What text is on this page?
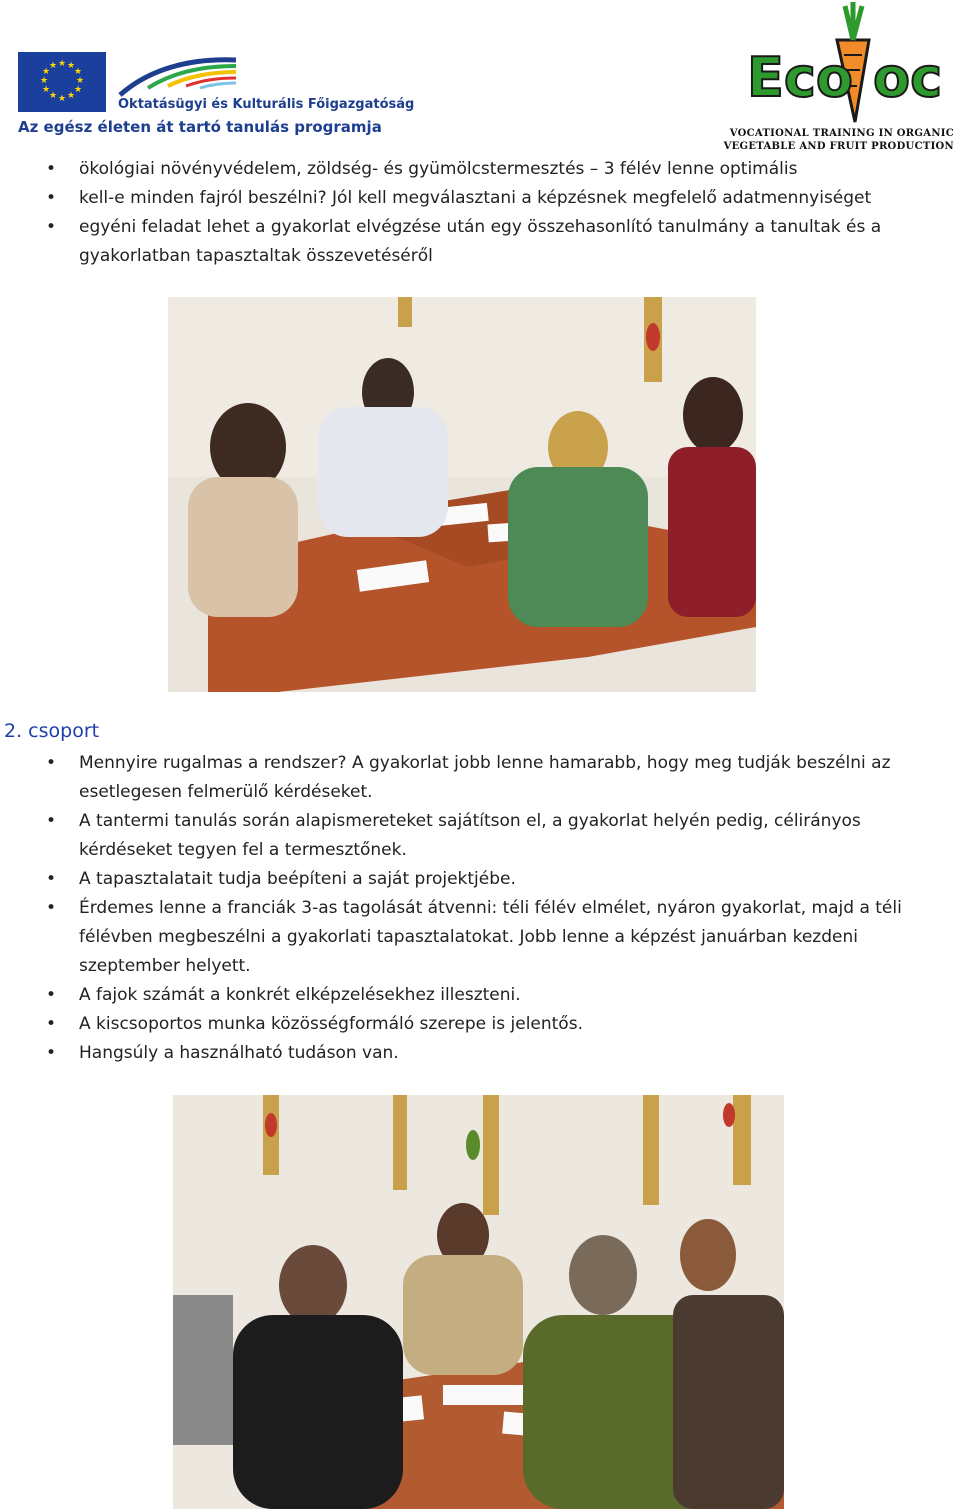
★ ★
★
★
★
★
★
★
★
★
★
★
Oktatásügyi és Kulturális Főigazgatóság
Az egész életen át tartó tanulás programja
Eco oc
VOCATIONAL TRAINING IN ORGANIC
VEGETABLE AND FRUIT PRODUCTION
• ökológiai növényvédelem, zöldség- és gyümölcstermesztés – 3 félév lenne optimális
• kell-e minden fajról beszélni? Jól kell megválasztani a képzésnek megfelelő adatmennyiséget
• egyéni feladat lehet a gyakorlat elvégzése után egy összehasonlító tanulmány a tanultak és a gyakorlatban tapasztaltak összevetéséről
2. csoport
• Mennyire rugalmas a rendszer? A gyakorlat jobb lenne hamarabb, hogy meg tudják beszélni az esetlegesen felmerülő kérdéseket.
• A tantermi tanulás során alapismereteket sajátítson el, a gyakorlat helyén pedig, célirányos kérdéseket tegyen fel a termesztőnek.
• A tapasztalatait tudja beépíteni a saját projektjébe.
• Érdemes lenne a franciák 3-as tagolását átvenni: téli félév elmélet, nyáron gyakorlat, majd a téli félévben megbeszélni a gyakorlati tapasztalatokat. Jobb lenne a képzést januárban kezdeni szeptember helyett.
• A fajok számát a konkrét elképzelésekhez illeszteni.
• A kiscsoportos munka közösségformáló szerepe is jelentős.
• Hangsúly a használható tudáson van.
